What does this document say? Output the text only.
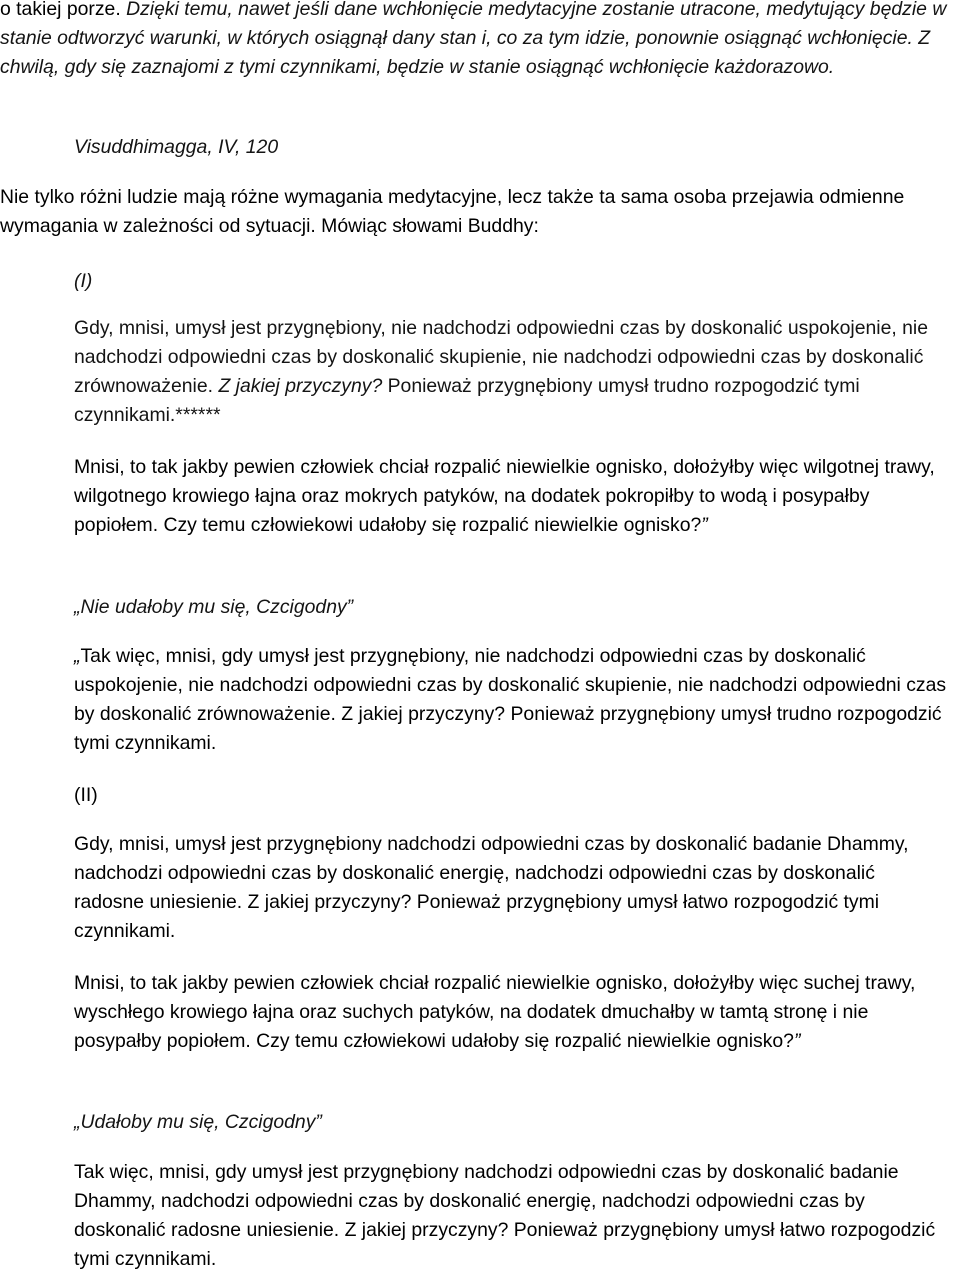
o takiej porze. Dzięki temu, nawet jeśli dane wchłonięcie medytacyjne zostanie utracone, medytujący będzie w stanie odtworzyć warunki, w których osiągnął dany stan i, co za tym idzie, ponownie osiągnąć wchłonięcie. Z chwilą, gdy się zaznajomi z tymi czynnikami, będzie w stanie osiągnąć wchłonięcie każdorazowo.

Visuddhimagga, IV, 120

Nie tylko różni ludzie mają różne wymagania medytacyjne, lecz także ta sama osoba przejawia odmienne wymagania w zależności od sytuacji. Mówiąc słowami Buddhy:

(I)

Gdy, mnisi, umysł jest przygnębiony, nie nadchodzi odpowiedni czas by doskonalić uspokojenie, nie nadchodzi odpowiedni czas by doskonalić skupienie, nie nadchodzi odpowiedni czas by doskonalić zrównoważenie. Z jakiej przyczyny? Ponieważ przygnębiony umysł trudno rozpogodzić tymi czynnikami.******

Mnisi, to tak jakby pewien człowiek chciał rozpalić niewielkie ognisko, dołożyłby więc wilgotnej trawy, wilgotnego krowiego łajna oraz mokrych patyków, na dodatek pokropiłby to wodą i posypałby popiołem. Czy temu człowiekowi udałoby się rozpalić niewielkie ognisko?”

„Nie udałoby mu się, Czcigodny”

„Tak więc, mnisi, gdy umysł jest przygnębiony, nie nadchodzi odpowiedni czas by doskonalić uspokojenie, nie nadchodzi odpowiedni czas by doskonalić skupienie, nie nadchodzi odpowiedni czas by doskonalić zrównoważenie. Z jakiej przyczyny? Ponieważ przygnębiony umysł trudno rozpogodzić tymi czynnikami.

(II)

Gdy, mnisi, umysł jest przygnębiony nadchodzi odpowiedni czas by doskonalić badanie Dhammy, nadchodzi odpowiedni czas by doskonalić energię, nadchodzi odpowiedni czas by doskonalić radosne uniesienie. Z jakiej przyczyny? Ponieważ przygnębiony umysł łatwo rozpogodzić tymi czynnikami.

Mnisi, to tak jakby pewien człowiek chciał rozpalić niewielkie ognisko, dołożyłby więc suchej trawy, wyschłego krowiego łajna oraz suchych patyków, na dodatek dmuchałby w tamtą stronę i nie posypałby popiołem. Czy temu człowiekowi udałoby się rozpalić niewielkie ognisko?”

„Udałoby mu się, Czcigodny”

Tak więc, mnisi, gdy umysł jest przygnębiony nadchodzi odpowiedni czas by doskonalić badanie Dhammy, nadchodzi odpowiedni czas by doskonalić energię, nadchodzi odpowiedni czas by doskonalić radosne uniesienie. Z jakiej przyczyny? Ponieważ przygnębiony umysł łatwo rozpogodzić tymi czynnikami.
